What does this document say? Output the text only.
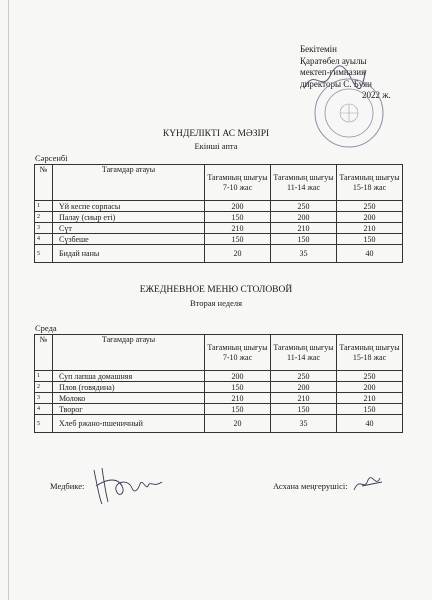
Бекітемін
Қаратөбел ауылы
мектеп-гимназия
директоры С. Буян
2022 ж.
КҮНДЕЛІКТІ АС МӘЗІРІ
Екінші апта
Сәрсенбі
№	Тағамдар атауы	Тағамның шығуы 7-10 жас	Тағамның шығуы 11-14 жас	Тағамның шығуы 15-18 жас
1	Үй кеспе сорпасы	200	250	250
2	Палау (сиыр еті)	150	200	200
3	Сүт	210	210	210
4	Сүзбеше	150	150	150
5	Бидай наны	20	35	40
ЕЖЕДНЕВНОЕ МЕНЮ СТОЛОВОЙ
Вторая неделя
Среда
№	Тағамдар атауы	Тағамның шығуы 7-10 жас	Тағамның шығуы 11-14 жас	Тағамның шығуы 15-18 жас
1	Суп лапша домашняя	200	250	250
2	Плов (говядина)	150	200	200
3	Молоко	210	210	210
4	Творог	150	150	150
5	Хлеб ржано-пшеничный	20	35	40
Медбике:	Асхана меңгерушісі:
